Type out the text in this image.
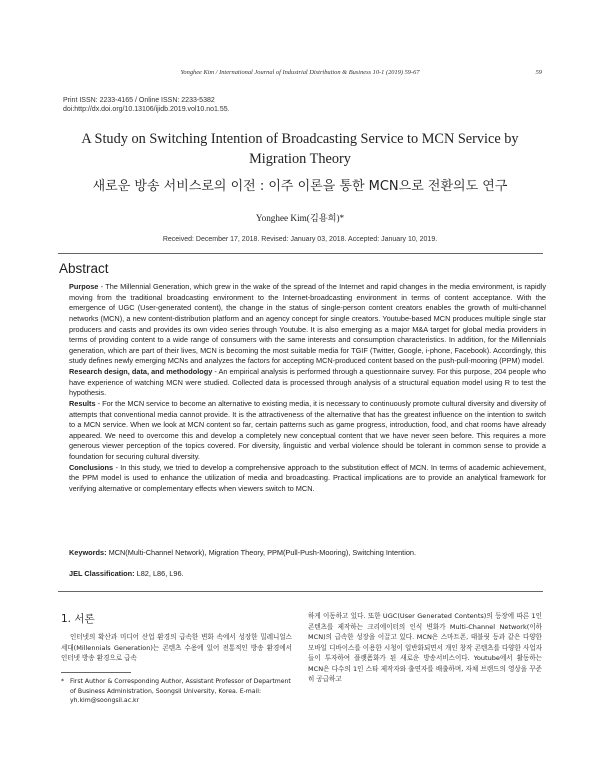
Yonghee Kim / International Journal of Industrial Distribution & Business 10-1 (2019) 59-67	59
Print ISSN: 2233-4165 / Online ISSN: 2233-5382
doi:http://dx.doi.org/10.13106/ijidb.2019.vol10.no1.55.
A Study on Switching Intention of Broadcasting Service to MCN Service by Migration Theory
새로운 방송 서비스로의 이전 : 이주 이론을 통한 MCN으로 전환의도 연구
Yonghee Kim(김용희)*
Received: December 17, 2018. Revised: January 03, 2018. Accepted: January 10, 2019.
Abstract

Purpose - The Millennial Generation, which grew in the wake of the spread of the Internet and rapid changes in the media environment, is rapidly moving from the traditional broadcasting environment to the Internet-broadcasting environment in terms of content acceptance. With the emergence of UGC (User-generated content), the change in the status of single-person content creators enables the growth of multi-channel networks (MCN), a new content-distribution platform and an agency concept for single creators. Youtube-based MCN produces multiple single star producers and casts and provides its own video series through Youtube. It is also emerging as a major M&A target for global media providers in terms of providing content to a wide range of consumers with the same interests and consumption characteristics. In addition, for the Millennials generation, which are part of their lives, MCN is becoming the most suitable media for TGIF (Twitter, Google, i-phone, Facebook). Accordingly, this study defines newly emerging MCNs and analyzes the factors for accepting MCN-produced content based on the push-pull-mooring (PPM) model.

Research design, data, and methodology - An empirical analysis is performed through a questionnaire survey. For this purpose, 204 people who have experience of watching MCN were studied. Collected data is processed through analysis of a structural equation model using R to test the hypothesis.

Results - For the MCN service to become an alternative to existing media, it is necessary to continuously promote cultural diversity and diversity of attempts that conventional media cannot provide. It is the attractiveness of the alternative that has the greatest influence on the intention to switch to a MCN service. When we look at MCN content so far, certain patterns such as game progress, introduction, food, and chat rooms have already appeared. We need to overcome this and develop a completely new conceptual content that we have never seen before. This requires a more generous viewer perception of the topics covered. For diversity, linguistic and verbal violence should be tolerant in common sense to provide a foundation for securing cultural diversity.

Conclusions - In this study, we tried to develop a comprehensive approach to the substitution effect of MCN. In terms of academic achievement, the PPM model is used to enhance the utilization of media and broadcasting. Practical implications are to provide an analytical framework for verifying alternative or complementary effects when viewers switch to MCN.

Keywords: MCN(Multi-Channel Network), Migration Theory, PPM(Pull-Push-Mooring), Switching Intention.
JEL Classification: L82, L86, L96.
1. 서론

인터넷의 확산과 미디어 산업 환경의 급속한 변화 속에서 성장한 밀레니얼스 세대(Millennials Generation)는 콘텐츠 수용에 있어 전통적인 방송 환경에서 인터넷 방송 환경으로 급속

* First Author & Corresponding Author, Assistant Professor of Department of Business Administration, Soongsil University, Korea. E-mail: yh.kim@soongsil.ac.kr

하게 이동하고 있다. 또한 UGC(User Generated Contents)의 등장에 따른 1인 콘텐츠를 제작하는 크리에이터의 인식 변화가 Multi-Channel Network(이하 MCN)의 급속한 성장을 이끌고 있다. MCN은 스마트폰, 태블릿 등과 같은 다양한 모바일 디바이스를 이용한 시청이 일반화되면서 개인 창작 콘텐츠를 다양한 사업자들이 투자하여 플랫폼화가 된 새로운 방송서비스이다. Youtube에서 활동하는 MCN은 다수의 1인 스타 제작자와 출연자를 배출하며, 자체 브랜드의 영상을 꾸준히 공급하고
